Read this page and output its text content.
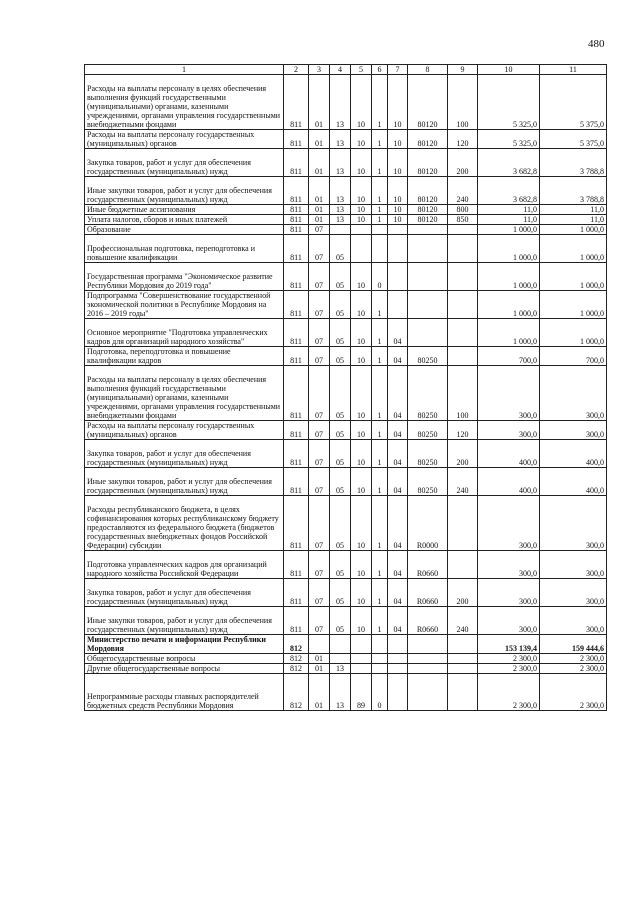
480
1	2	3	4	5	6	7	8	9	10	11
Расходы на выплаты персоналу в целях обеспечения выполнения функций государственными (муниципальными) органами, казенными учреждениями, органами управления государственными внебюджетными фондами	811	01	13	10	1	10	80120	100	5 325,0	5 375,0
Расходы на выплаты персоналу государственных (муниципальных) органов	811	01	13	10	1	10	80120	120	5 325,0	5 375,0
Закупка товаров, работ и услуг для обеспечения государственных (муниципальных) нужд	811	01	13	10	1	10	80120	200	3 682,8	3 788,8
Иные закупки товаров, работ и услуг для обеспечения государственных (муниципальных) нужд	811	01	13	10	1	10	80120	240	3 682,8	3 788,8
Иные бюджетные ассигнования	811	01	13	10	1	10	80120	800	11,0	11,0
Уплата налогов, сборов и иных платежей	811	01	13	10	1	10	80120	850	11,0	11,0
Образование	811	07							1 000,0	1 000,0
Профессиональная подготовка, переподготовка и повышение квалификации	811	07	05						1 000,0	1 000,0
Государственная программа "Экономическое развитие Республики Мордовия до 2019 года"	811	07	05	10	0				1 000,0	1 000,0
Подпрограмма "Совершенствование государственной экономической политики в Республике Мордовия на 2016 – 2019 годы"	811	07	05	10	1				1 000,0	1 000,0
Основное мероприятие "Подготовка управленческих кадров для организаций народного хозяйства"	811	07	05	10	1	04			1 000,0	1 000,0
Подготовка, переподготовка и повышение квалификации кадров	811	07	05	10	1	04	80250		700,0	700,0
Расходы на выплаты персоналу в целях обеспечения выполнения функций государственными (муниципальными) органами, казенными учреждениями, органами управления государственными внебюджетными фондами	811	07	05	10	1	04	80250	100	300,0	300,0
Расходы на выплаты персоналу государственных (муниципальных) органов	811	07	05	10	1	04	80250	120	300,0	300,0
Закупка товаров, работ и услуг для обеспечения государственных (муниципальных) нужд	811	07	05	10	1	04	80250	200	400,0	400,0
Иные закупки товаров, работ и услуг для обеспечения государственных (муниципальных) нужд	811	07	05	10	1	04	80250	240	400,0	400,0
Расходы республиканского бюджета, в целях софинансирования которых республиканскому бюджету предоставляются из федерального бюджета (бюджетов государственных внебюджетных фондов Российской Федерации) субсидии	811	07	05	10	1	04	R0000		300,0	300,0
Подготовка управленческих кадров для организаций народного хозяйства Российской Федерации	811	07	05	10	1	04	R0660		300,0	300,0
Закупка товаров, работ и услуг для обеспечения государственных (муниципальных) нужд	811	07	05	10	1	04	R0660	200	300,0	300,0
Иные закупки товаров, работ и услуг для обеспечения государственных (муниципальных) нужд	811	07	05	10	1	04	R0660	240	300,0	300,0
Министерство печати и информации Республики Мордовия	812								153 139,4	159 444,6
Общегосударственные вопросы	812	01							2 300,0	2 300,0
Другие общегосударственные вопросы	812	01	13						2 300,0	2 300,0
Непрограммные расходы главных распорядителей бюджетных средств Республики Мордовия	812	01	13	89	0				2 300,0	2 300,0
